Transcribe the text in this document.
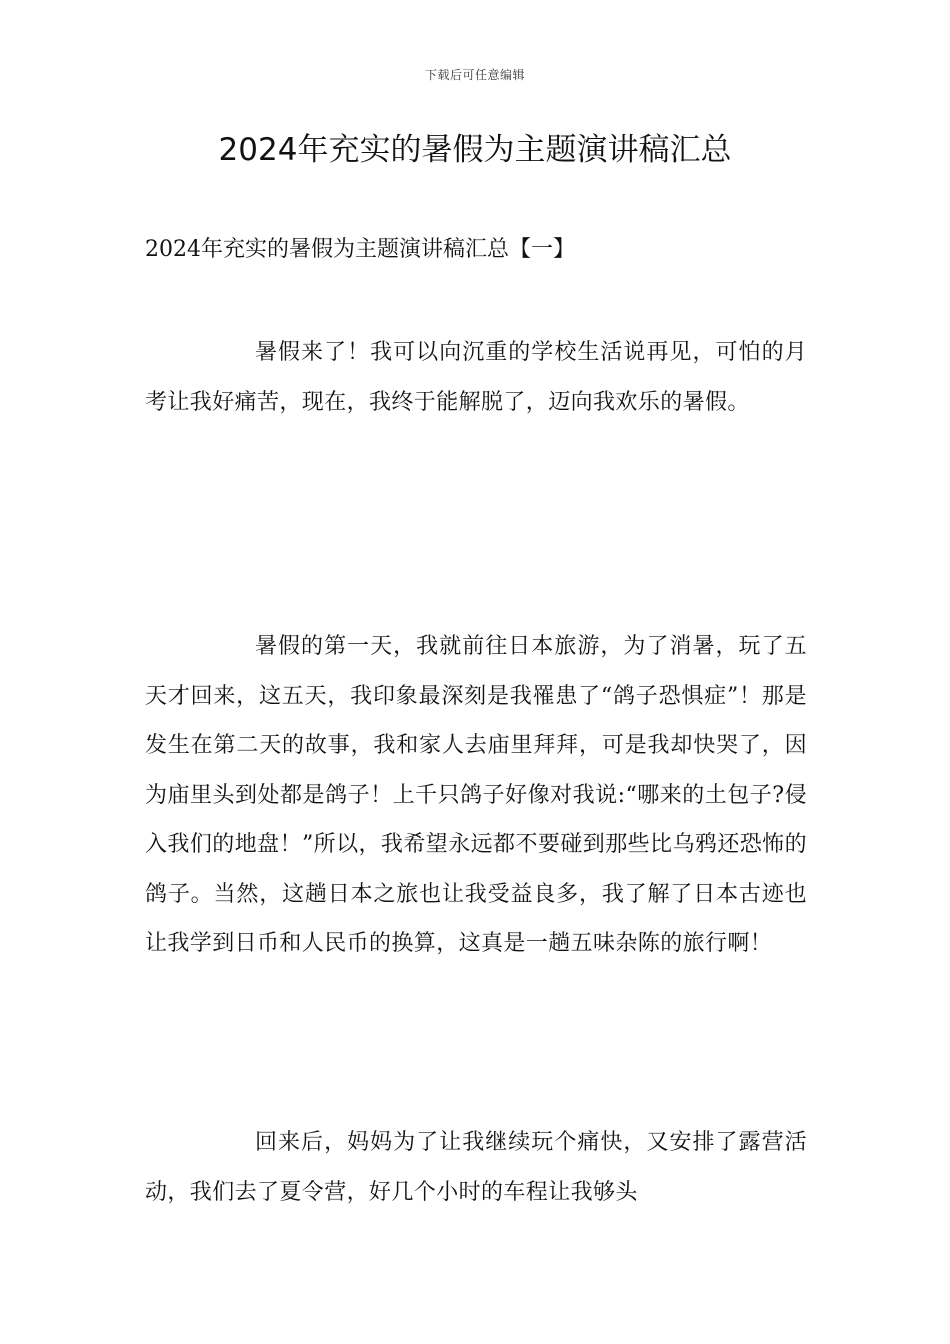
下载后可任意编辑
2024年充实的暑假为主题演讲稿汇总

2024年充实的暑假为主题演讲稿汇总【一】

暑假来了！我可以向沉重的学校生活说再见，可怕的月考让我好痛苦，现在，我终于能解脱了，迈向我欢乐的暑假。

暑假的第一天，我就前往日本旅游，为了消暑，玩了五天才回来，这五天，我印象最深刻是我罹患了“鸽子恐惧症”！那是发生在第二天的故事，我和家人去庙里拜拜，可是我却快哭了，因为庙里头到处都是鸽子！上千只鸽子好像对我说:“哪来的土包子?侵入我们的地盘！”所以，我希望永远都不要碰到那些比乌鸦还恐怖的鸽子。当然，这趟日本之旅也让我受益良多，我了解了日本古迹也让我学到日币和人民币的换算，这真是一趟五味杂陈的旅行啊！

回来后，妈妈为了让我继续玩个痛快，又安排了露营活动，我们去了夏令营，好几个小时的车程让我够头
